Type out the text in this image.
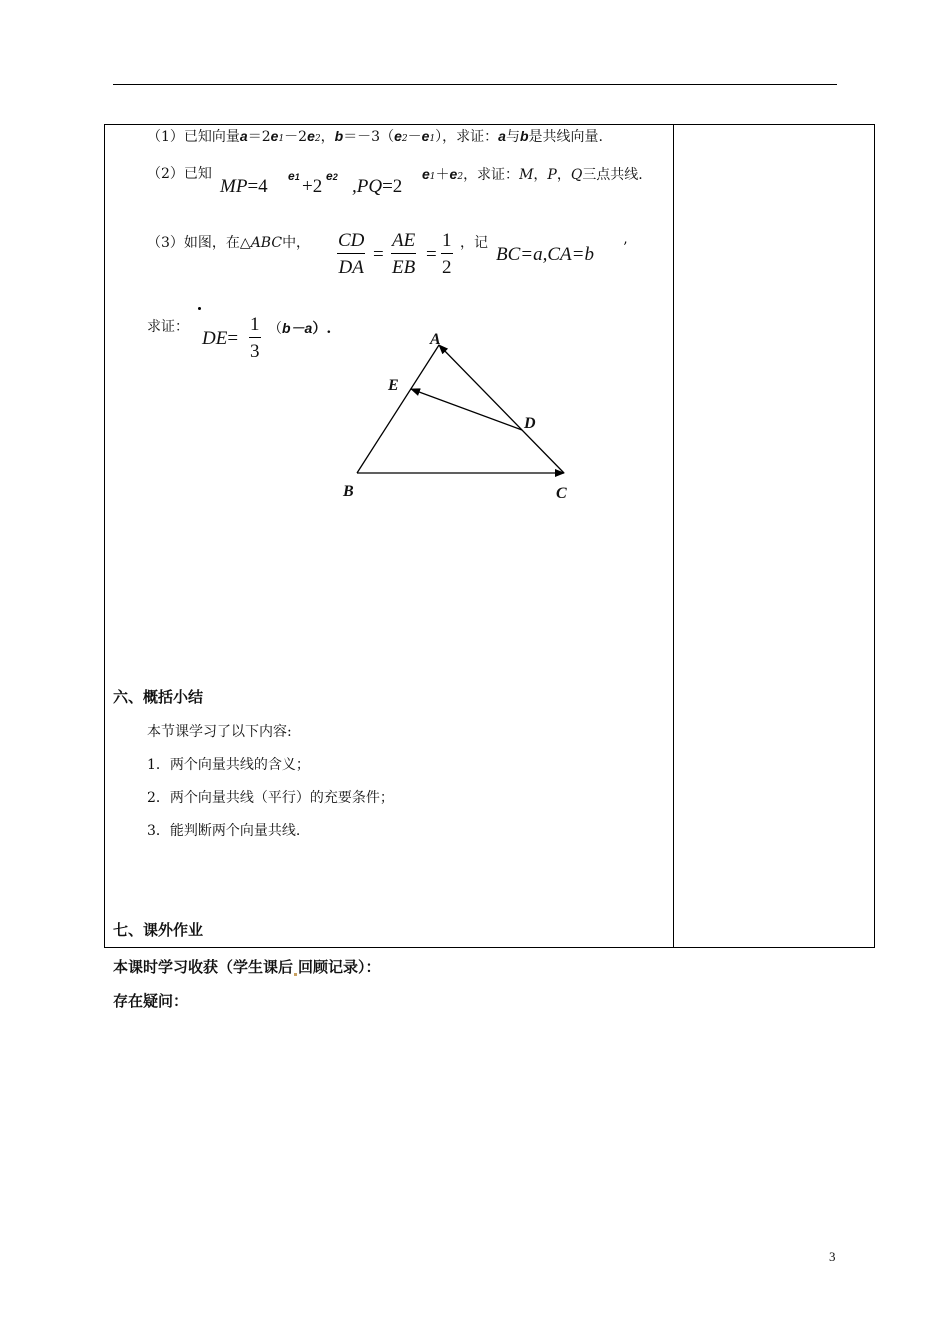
（1）已知向量a＝2e1－2e2，b＝－3（e2－e1），求证：a与b是共线向量.
（2）已知
MP=4 e1 +2 e2 ,PQ=2
e1＋e2，求证：M，P，Q三点共线.
（3）如图，在△ABC中， $\frac{CD}{DA} = \frac{AE}{EB} = \frac{1}{2}$ ，记
BC=a,CA=b ’
求证：
$DE= \frac{1}{3} (b-a)$.
A
E
D
B	C
六、概括小结
本节课学习了以下内容:
1．两个向量共线的含义；
2．两个向量共线（平行）的充要条件；
3．能判断两个向量共线.
七、课外作业
本课时学习收获（学生课后 回顾记录）：
存在疑问：
3
